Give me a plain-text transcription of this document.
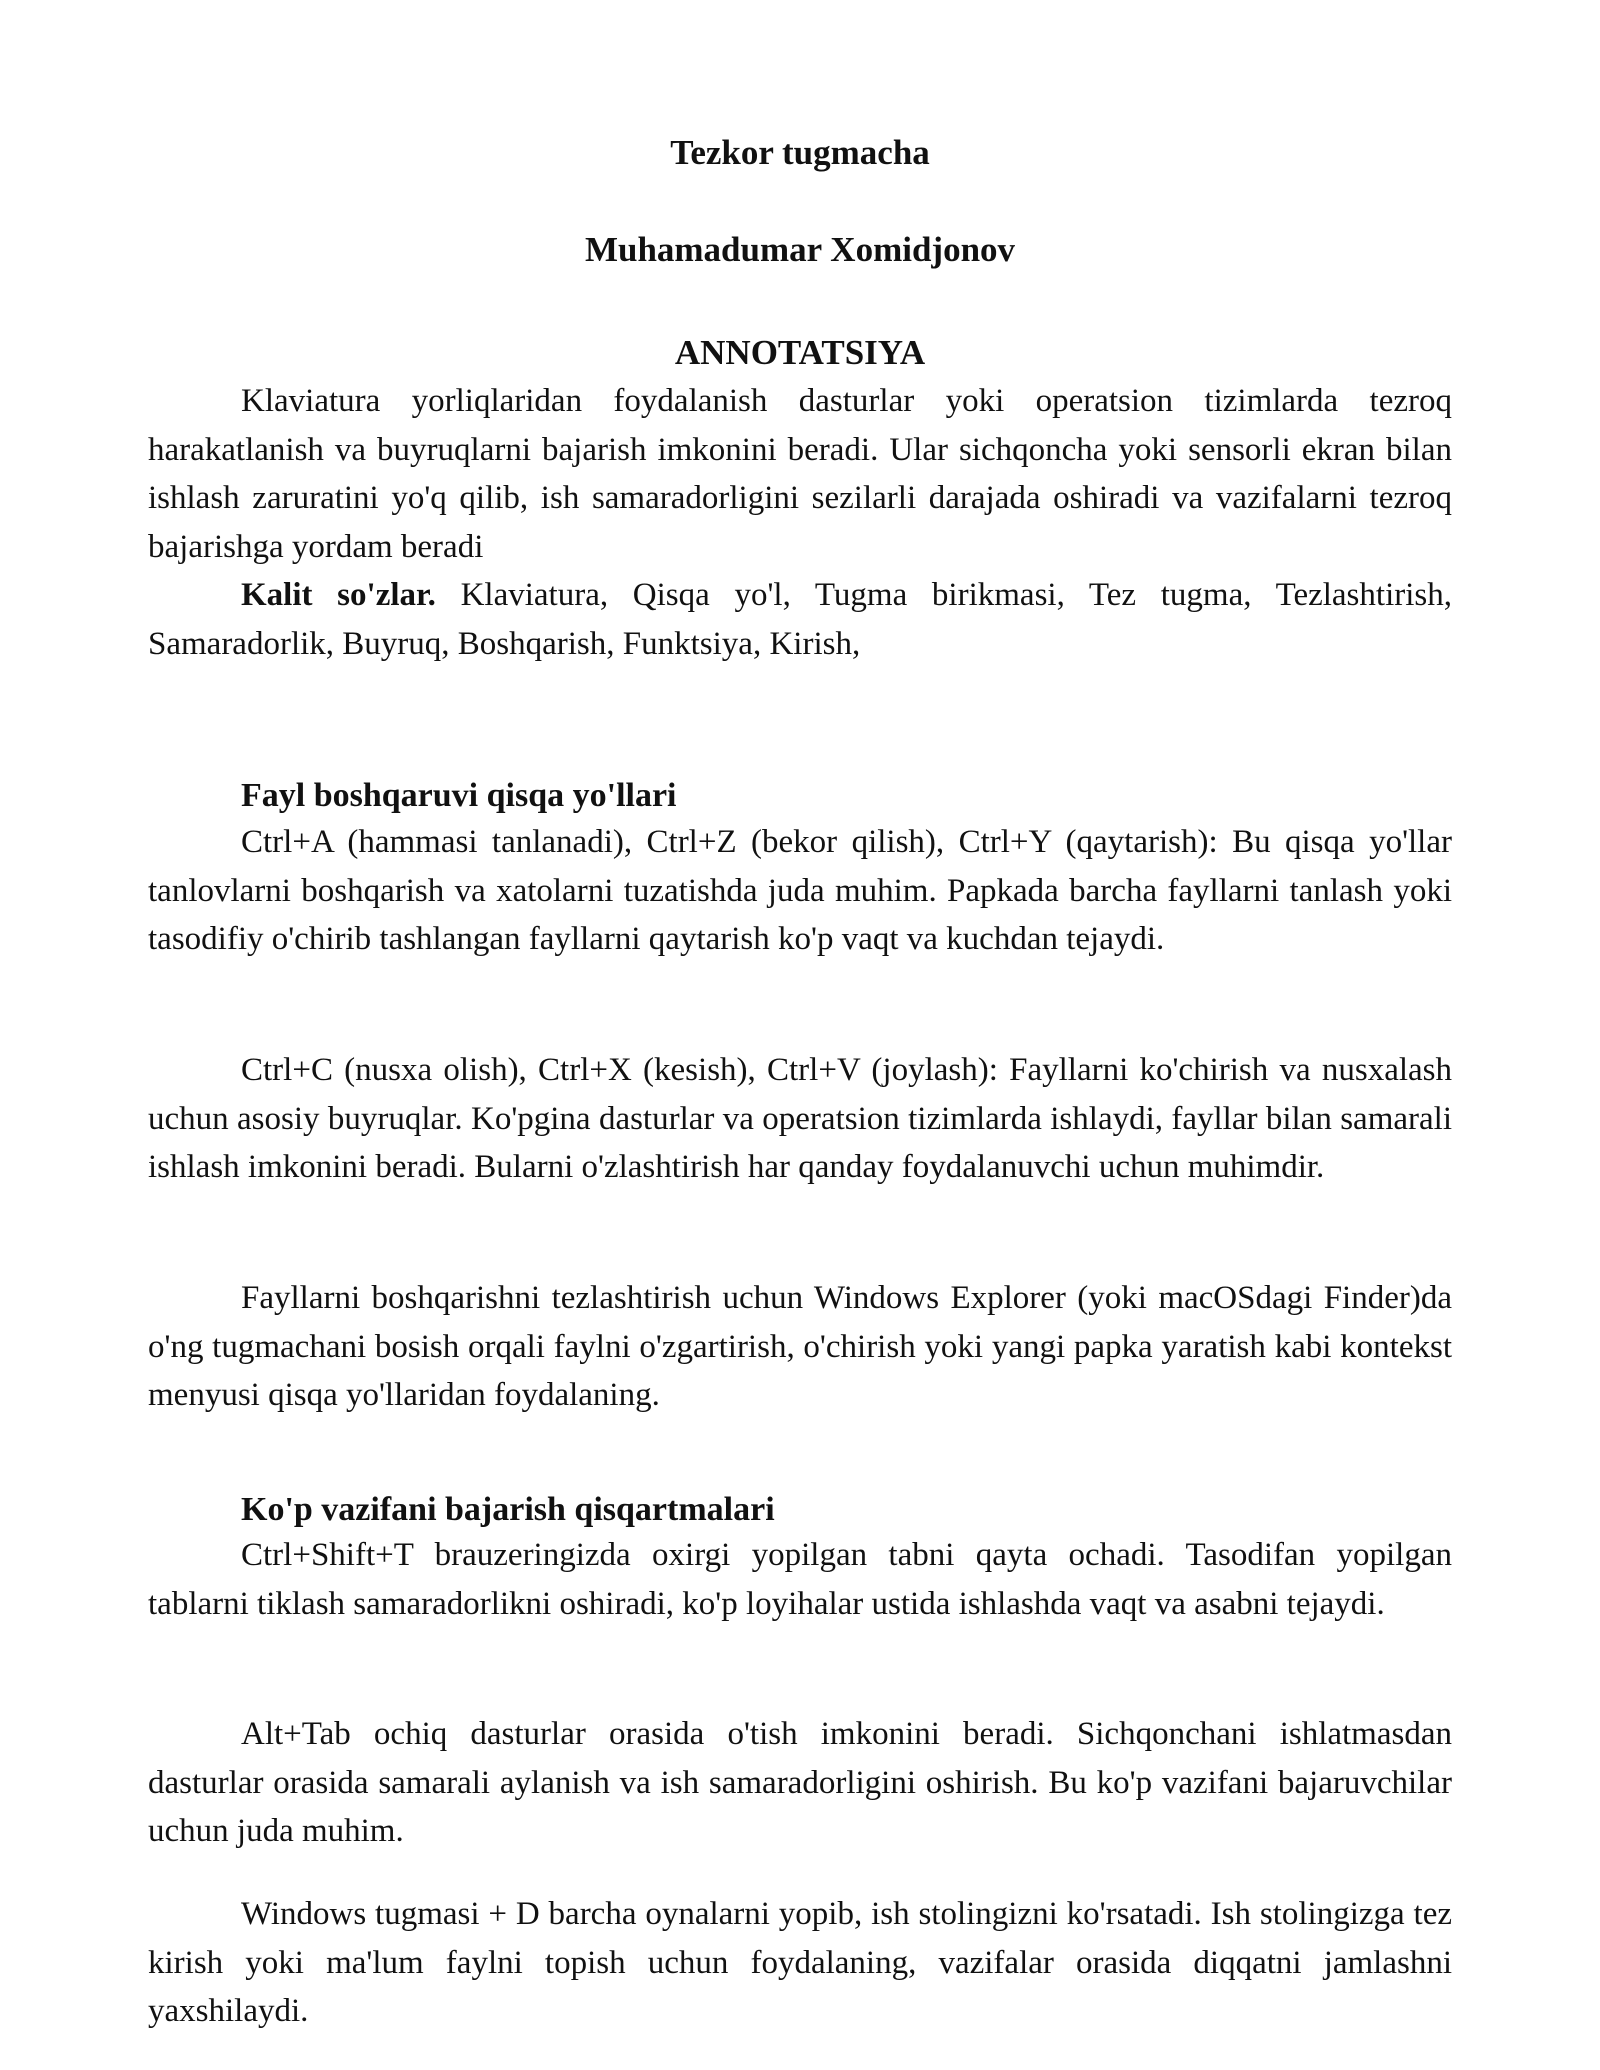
Tezkor tugmacha
Muhamadumar Xomidjonov
ANNOTATSIYA

Klaviatura yorliqlaridan foydalanish dasturlar yoki operatsion tizimlarda tezroq harakatlanish va buyruqlarni bajarish imkonini beradi. Ular sichqoncha yoki sensorli ekran bilan ishlash zaruratini yo'q qilib, ish samaradorligini sezilarli darajada oshiradi va vazifalarni tezroq bajarishga yordam beradi

Kalit so'zlar. Klaviatura, Qisqa yo'l, Tugma birikmasi, Tez tugma, Tezlashtirish, Samaradorlik, Buyruq, Boshqarish, Funktsiya, Kirish,

Fayl boshqaruvi qisqa yo'llari

Ctrl+A (hammasi tanlanadi), Ctrl+Z (bekor qilish), Ctrl+Y (qaytarish): Bu qisqa yo'llar tanlovlarni boshqarish va xatolarni tuzatishda juda muhim. Papkada barcha fayllarni tanlash yoki tasodifiy o'chirib tashlangan fayllarni qaytarish ko'p vaqt va kuchdan tejaydi.

Ctrl+C (nusxa olish), Ctrl+X (kesish), Ctrl+V (joylash): Fayllarni ko'chirish va nusxalash uchun asosiy buyruqlar. Ko'pgina dasturlar va operatsion tizimlarda ishlaydi, fayllar bilan samarali ishlash imkonini beradi. Bularni o'zlashtirish har qanday foydalanuvchi uchun muhimdir.

Fayllarni boshqarishni tezlashtirish uchun Windows Explorer (yoki macOSdagi Finder)da o'ng tugmachani bosish orqali faylni o'zgartirish, o'chirish yoki yangi papka yaratish kabi kontekst menyusi qisqa yo'llaridan foydalaning.

Ko'p vazifani bajarish qisqartmalari

Ctrl+Shift+T brauzeringizda oxirgi yopilgan tabni qayta ochadi. Tasodifan yopilgan tablarni tiklash samaradorlikni oshiradi, ko'p loyihalar ustida ishlashda vaqt va asabni tejaydi.

Alt+Tab ochiq dasturlar orasida o'tish imkonini beradi. Sichqonchani ishlatmasdan dasturlar orasida samarali aylanish va ish samaradorligini oshirish. Bu ko'p vazifani bajaruvchilar uchun juda muhim.

Windows tugmasi + D barcha oynalarni yopib, ish stolingizni ko'rsatadi. Ish stolingizga tez kirish yoki ma'lum faylni topish uchun foydalaning, vazifalar orasida diqqatni jamlashni yaxshilaydi.
